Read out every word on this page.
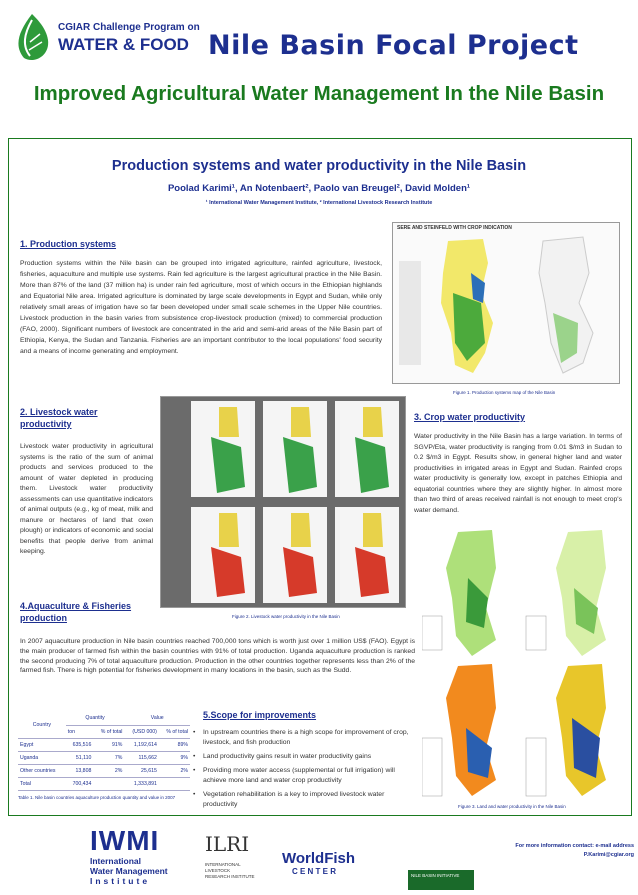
CGIAR Challenge Program on
WATER & FOOD Nile Basin Focal Project
Improved Agricultural Water Management In the Nile Basin
Production systems and water productivity in the Nile Basin
Poolad Karimi¹, An Notenbaert², Paolo van Breugel², David Molden¹
¹ International Water Management Institute, ² International Livestock Research Institute
1. Production systems
Production systems within the Nile basin can be grouped into irrigated agriculture, rainfed agriculture, livestock, fisheries, aquaculture and multiple use systems. Rain fed agriculture is the largest agricultural practice in the Nile Basin. More than 87% of the land (37 million ha) is under rain fed agriculture, most of which occurs in the Ethiopian highlands and Equatorial Nile area. Irrigated agriculture is dominated by large scale developments in Egypt and Sudan, while only relatively small areas of irrigation have so far been developed under small scale schemes in the Upper Nile countries. Livestock production in the basin varies from subsistence crop-livestock production (mixed) to commercial production (FAO, 2000). Significant numbers of livestock are concentrated in the arid and semi-arid areas of the Nile Basin part of Ethiopia, Kenya, the Sudan and Tanzania. Fisheries are an important contributor to the local populations' food security and a means of income generating and employment.
SERE AND STEINFELD WITH CROP INDICATION
Figure 1. Production systems map of the Nile Basin
2. Livestock water productivity
Livestock water productivity in agricultural systems is the ratio of the sum of animal products and services produced to the amount of water depleted in producing them. Livestock water productivity assessments can use quantitative indicators of animal outputs (e.g., kg of meat, milk and manure or hectares of land that oxen plough) or indicators of economic and social benefits that people derive from animal keeping.
Figure 2. Livestock water productivity in the Nile Basin
3. Crop water productivity
Water productivity in the Nile Basin has a large variation. In terms of SGVP/Eta, water productivity is ranging from 0.01 $/m3 in Sudan to 0.2 $/m3 in Egypt. Results show, in general higher land and water productivities in irrigated areas in Egypt and Sudan. Rainfed crops water productivity is generally low, except in patches Ethiopia and equatorial countries where they are slightly higher. In almost more than two third of areas received rainfall is not enough to meet crop's water demand.
Figure 3. Land and water productivity in the Nile Basin
4.Aquaculture & Fisheries production
In 2007 aquaculture production in Nile basin countries reached 700,000 tons which is worth just over 1 million US$ (FAO). Egypt is the main producer of farmed fish within the basin countries with 91% of total production. Uganda aquaculture production is ranked the second producing 7% of total aquaculture production. Production in the other countries together represents less than 2% of the farmed fish. There is high potential for fisheries development in many locations in the basin, such as the Sudd.
Country	Quantity		Value	
	ton	% of total	(USD 000)	% of total
Egypt	635,516	91%	1,192,614	89%
Uganda	51,110	7%	115,662	9%
Other countries	13,808	2%	25,615	2%
Total	700,434		1,333,891	
Table 1. Nile basin countries aquaculture production quantity and value in 2007
5.Scope for improvements
• In upstream countries there is a high scope for improvement of crop, livestock, and fish production
• Land productivity gains result in water productivity gains
• Providing more water access (supplemental or full irrigation) will achieve more land and water crop productivity
• Vegetation rehabilitation is a key to improved livestock water productivity
IWMI
International
Water Management
Institute
ILRI
INTERNATIONAL LIVESTOCK RESEARCH INSTITUTE
WorldFish
C E N T E R	NILE BASIN INITIATIVE
For more information contact: e-mail address
P.Karimi@cgiar.org
